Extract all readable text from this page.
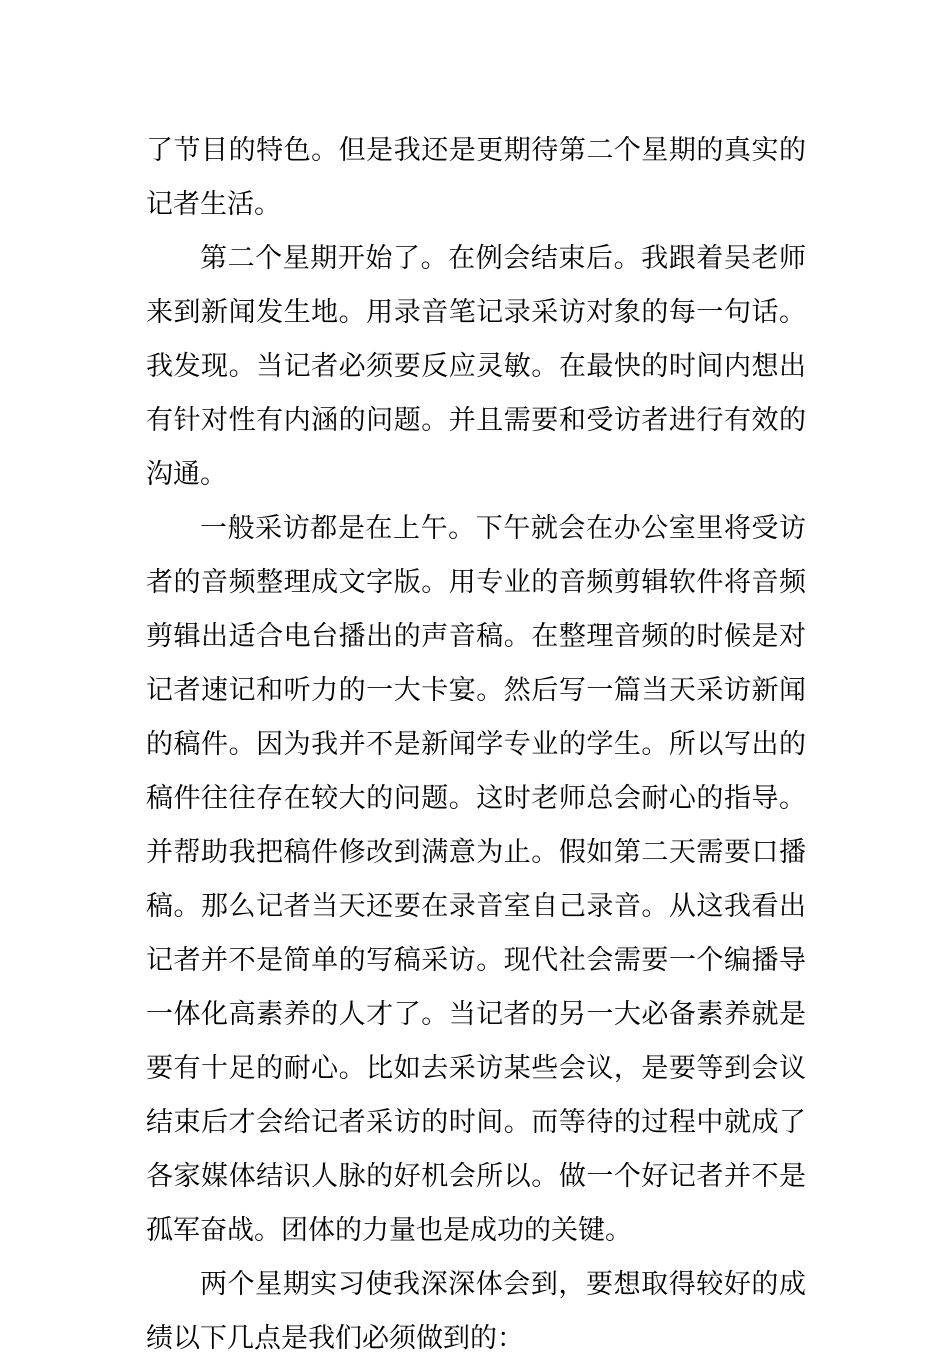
了节目的特色。但是我还是更期待第二个星期的真实的记者生活。

第二个星期开始了。在例会结束后。我跟着吴老师来到新闻发生地。用录音笔记录采访对象的每一句话。我发现。当记者必须要反应灵敏。在最快的时间内想出有针对性有内涵的问题。并且需要和受访者进行有效的沟通。

一般采访都是在上午。下午就会在办公室里将受访者的音频整理成文字版。用专业的音频剪辑软件将音频剪辑出适合电台播出的声音稿。在整理音频的时候是对记者速记和听力的一大卡宴。然后写一篇当天采访新闻的稿件。因为我并不是新闻学专业的学生。所以写出的稿件往往存在较大的问题。这时老师总会耐心的指导。并帮助我把稿件修改到满意为止。假如第二天需要口播稿。那么记者当天还要在录音室自己录音。从这我看出记者并不是简单的写稿采访。现代社会需要一个编播导一体化高素养的人才了。当记者的另一大必备素养就是要有十足的耐心。比如去采访某些会议，是要等到会议结束后才会给记者采访的时间。而等待的过程中就成了各家媒体结识人脉的好机会所以。做一个好记者并不是孤军奋战。团体的力量也是成功的关键。

两个星期实习使我深深体会到，要想取得较好的成绩以下几点是我们必须做到的：
